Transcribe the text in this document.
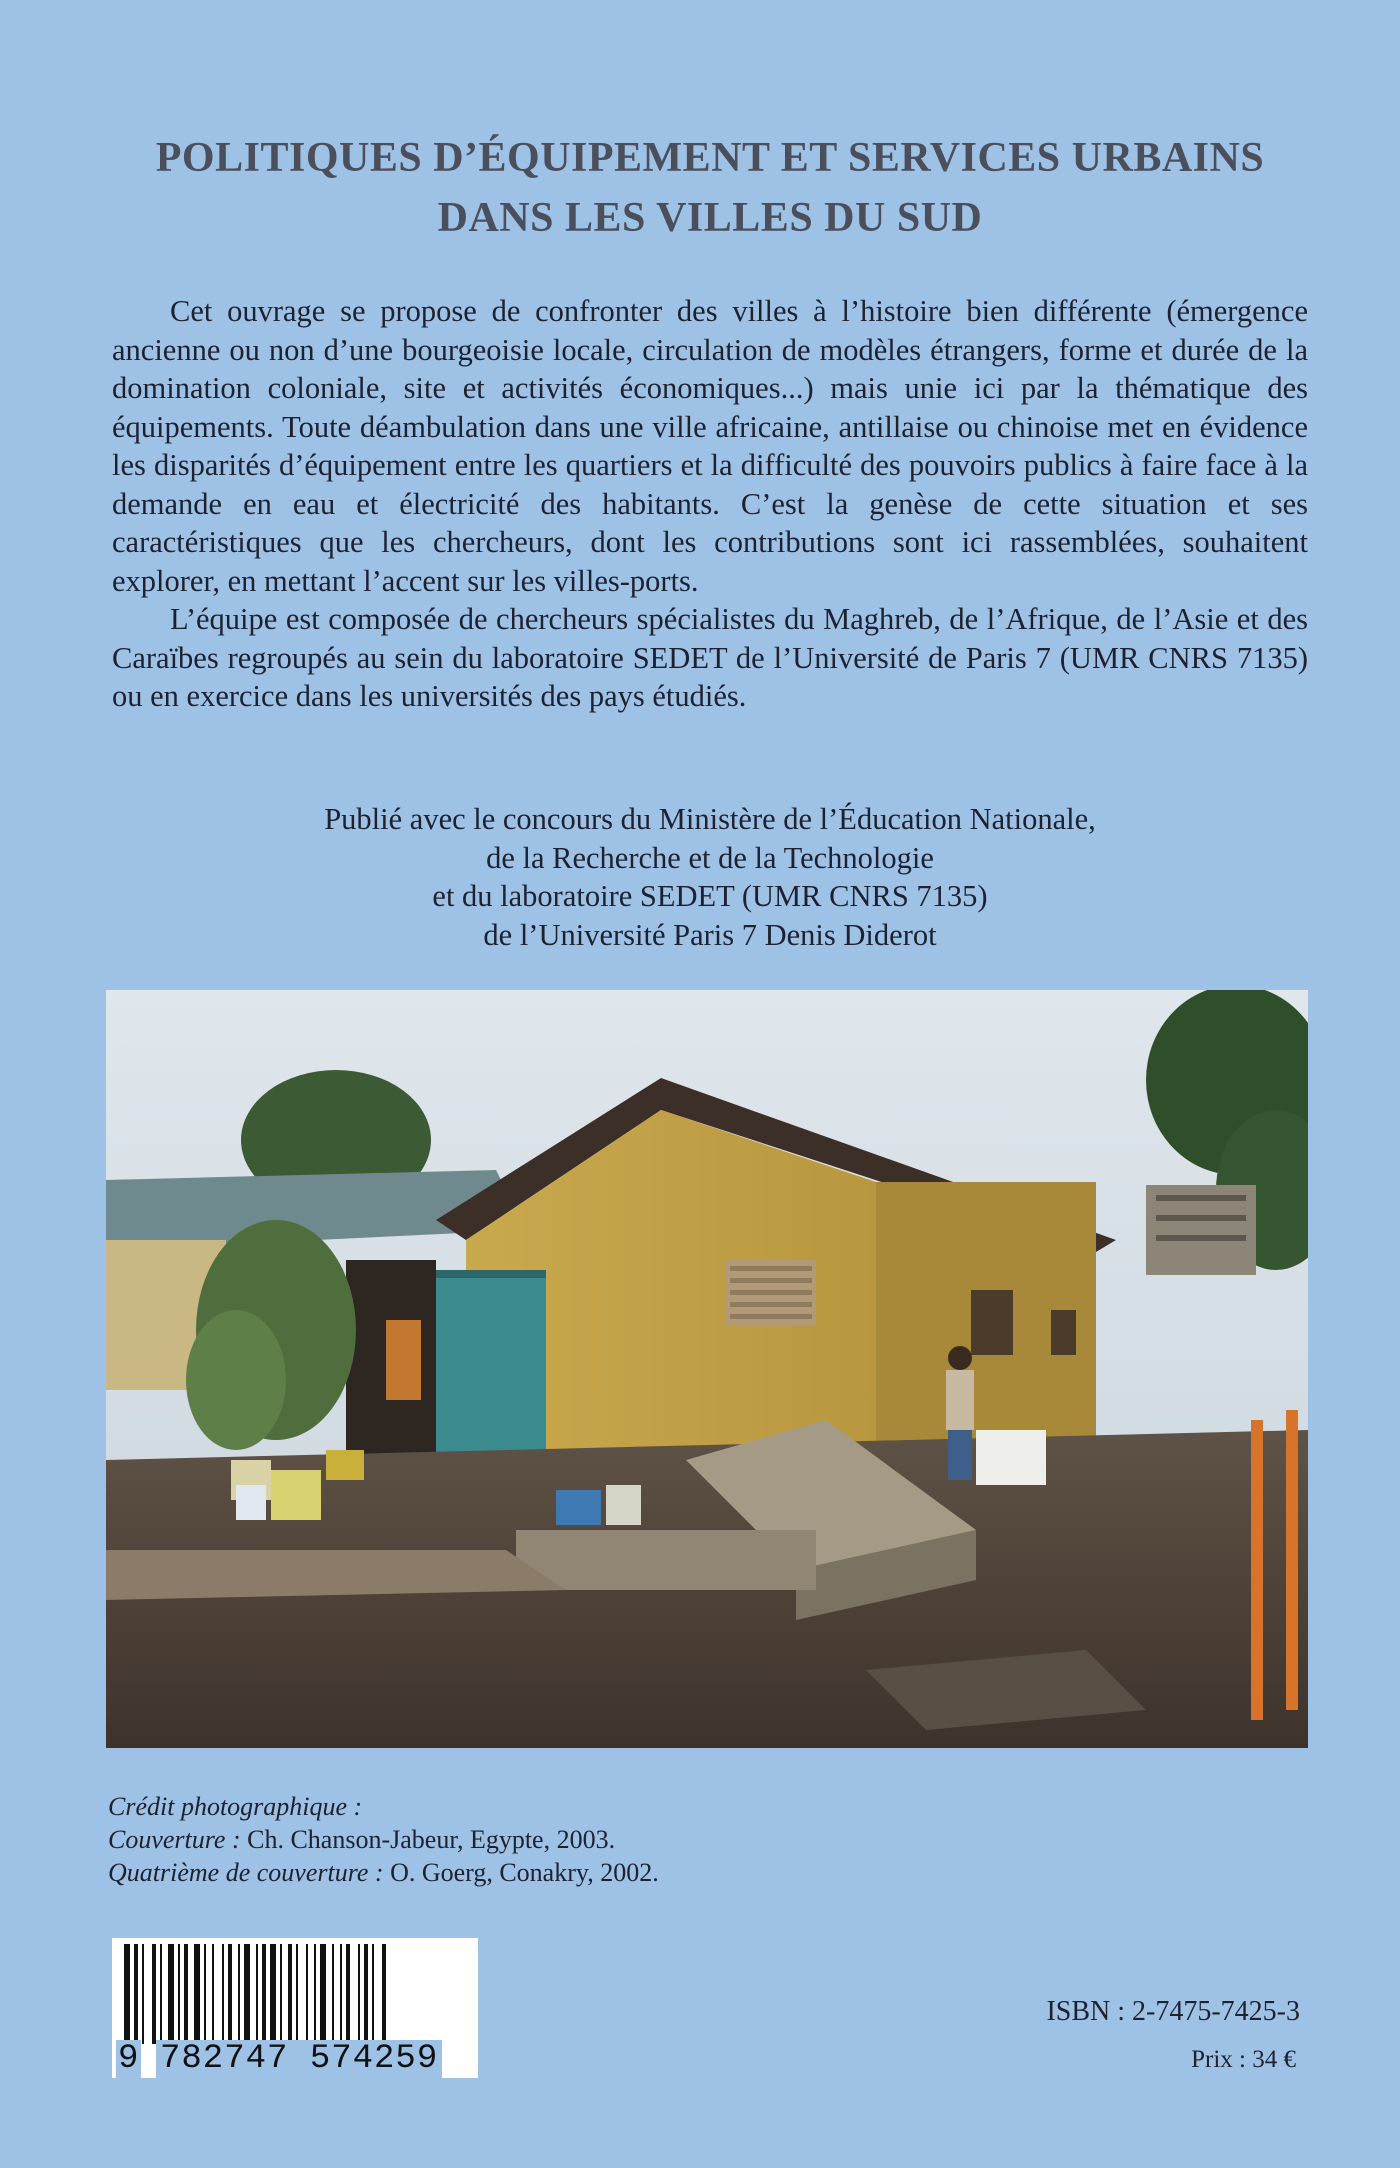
POLITIQUES D’ÉQUIPEMENT ET SERVICES URBAINS
DANS LES VILLES DU SUD

Cet ouvrage se propose de confronter des villes à l’histoire bien différente (émergence ancienne ou non d’une bourgeoisie locale, circulation de modèles étrangers, forme et durée de la domination coloniale, site et activités économiques...) mais unie ici par la thématique des équipements. Toute déambulation dans une ville africaine, antillaise ou chinoise met en évidence les disparités d’équipement entre les quartiers et la difficulté des pouvoirs publics à faire face à la demande en eau et électricité des habitants. C’est la genèse de cette situation et ses caractéristiques que les chercheurs, dont les contributions sont ici rassemblées, souhaitent explorer, en mettant l’accent sur les villes-ports.

L’équipe est composée de chercheurs spécialistes du Maghreb, de l’Afrique, de l’Asie et des Caraïbes regroupés au sein du laboratoire SEDET de l’Université de Paris 7 (UMR CNRS 7135) ou en exercice dans les universités des pays étudiés.

Publié avec le concours du Ministère de l’Éducation Nationale,
de la Recherche et de la Technologie
et du laboratoire SEDET (UMR CNRS 7135)
de l’Université Paris 7 Denis Diderot
Crédit photographique :
Couverture : Ch. Chanson-Jabeur, Egypte, 2003.
Quatrième de couverture : O. Goerg, Conakry, 2002.
9 782747 574259
ISBN : 2-7475-7425-3
Prix : 34 €
